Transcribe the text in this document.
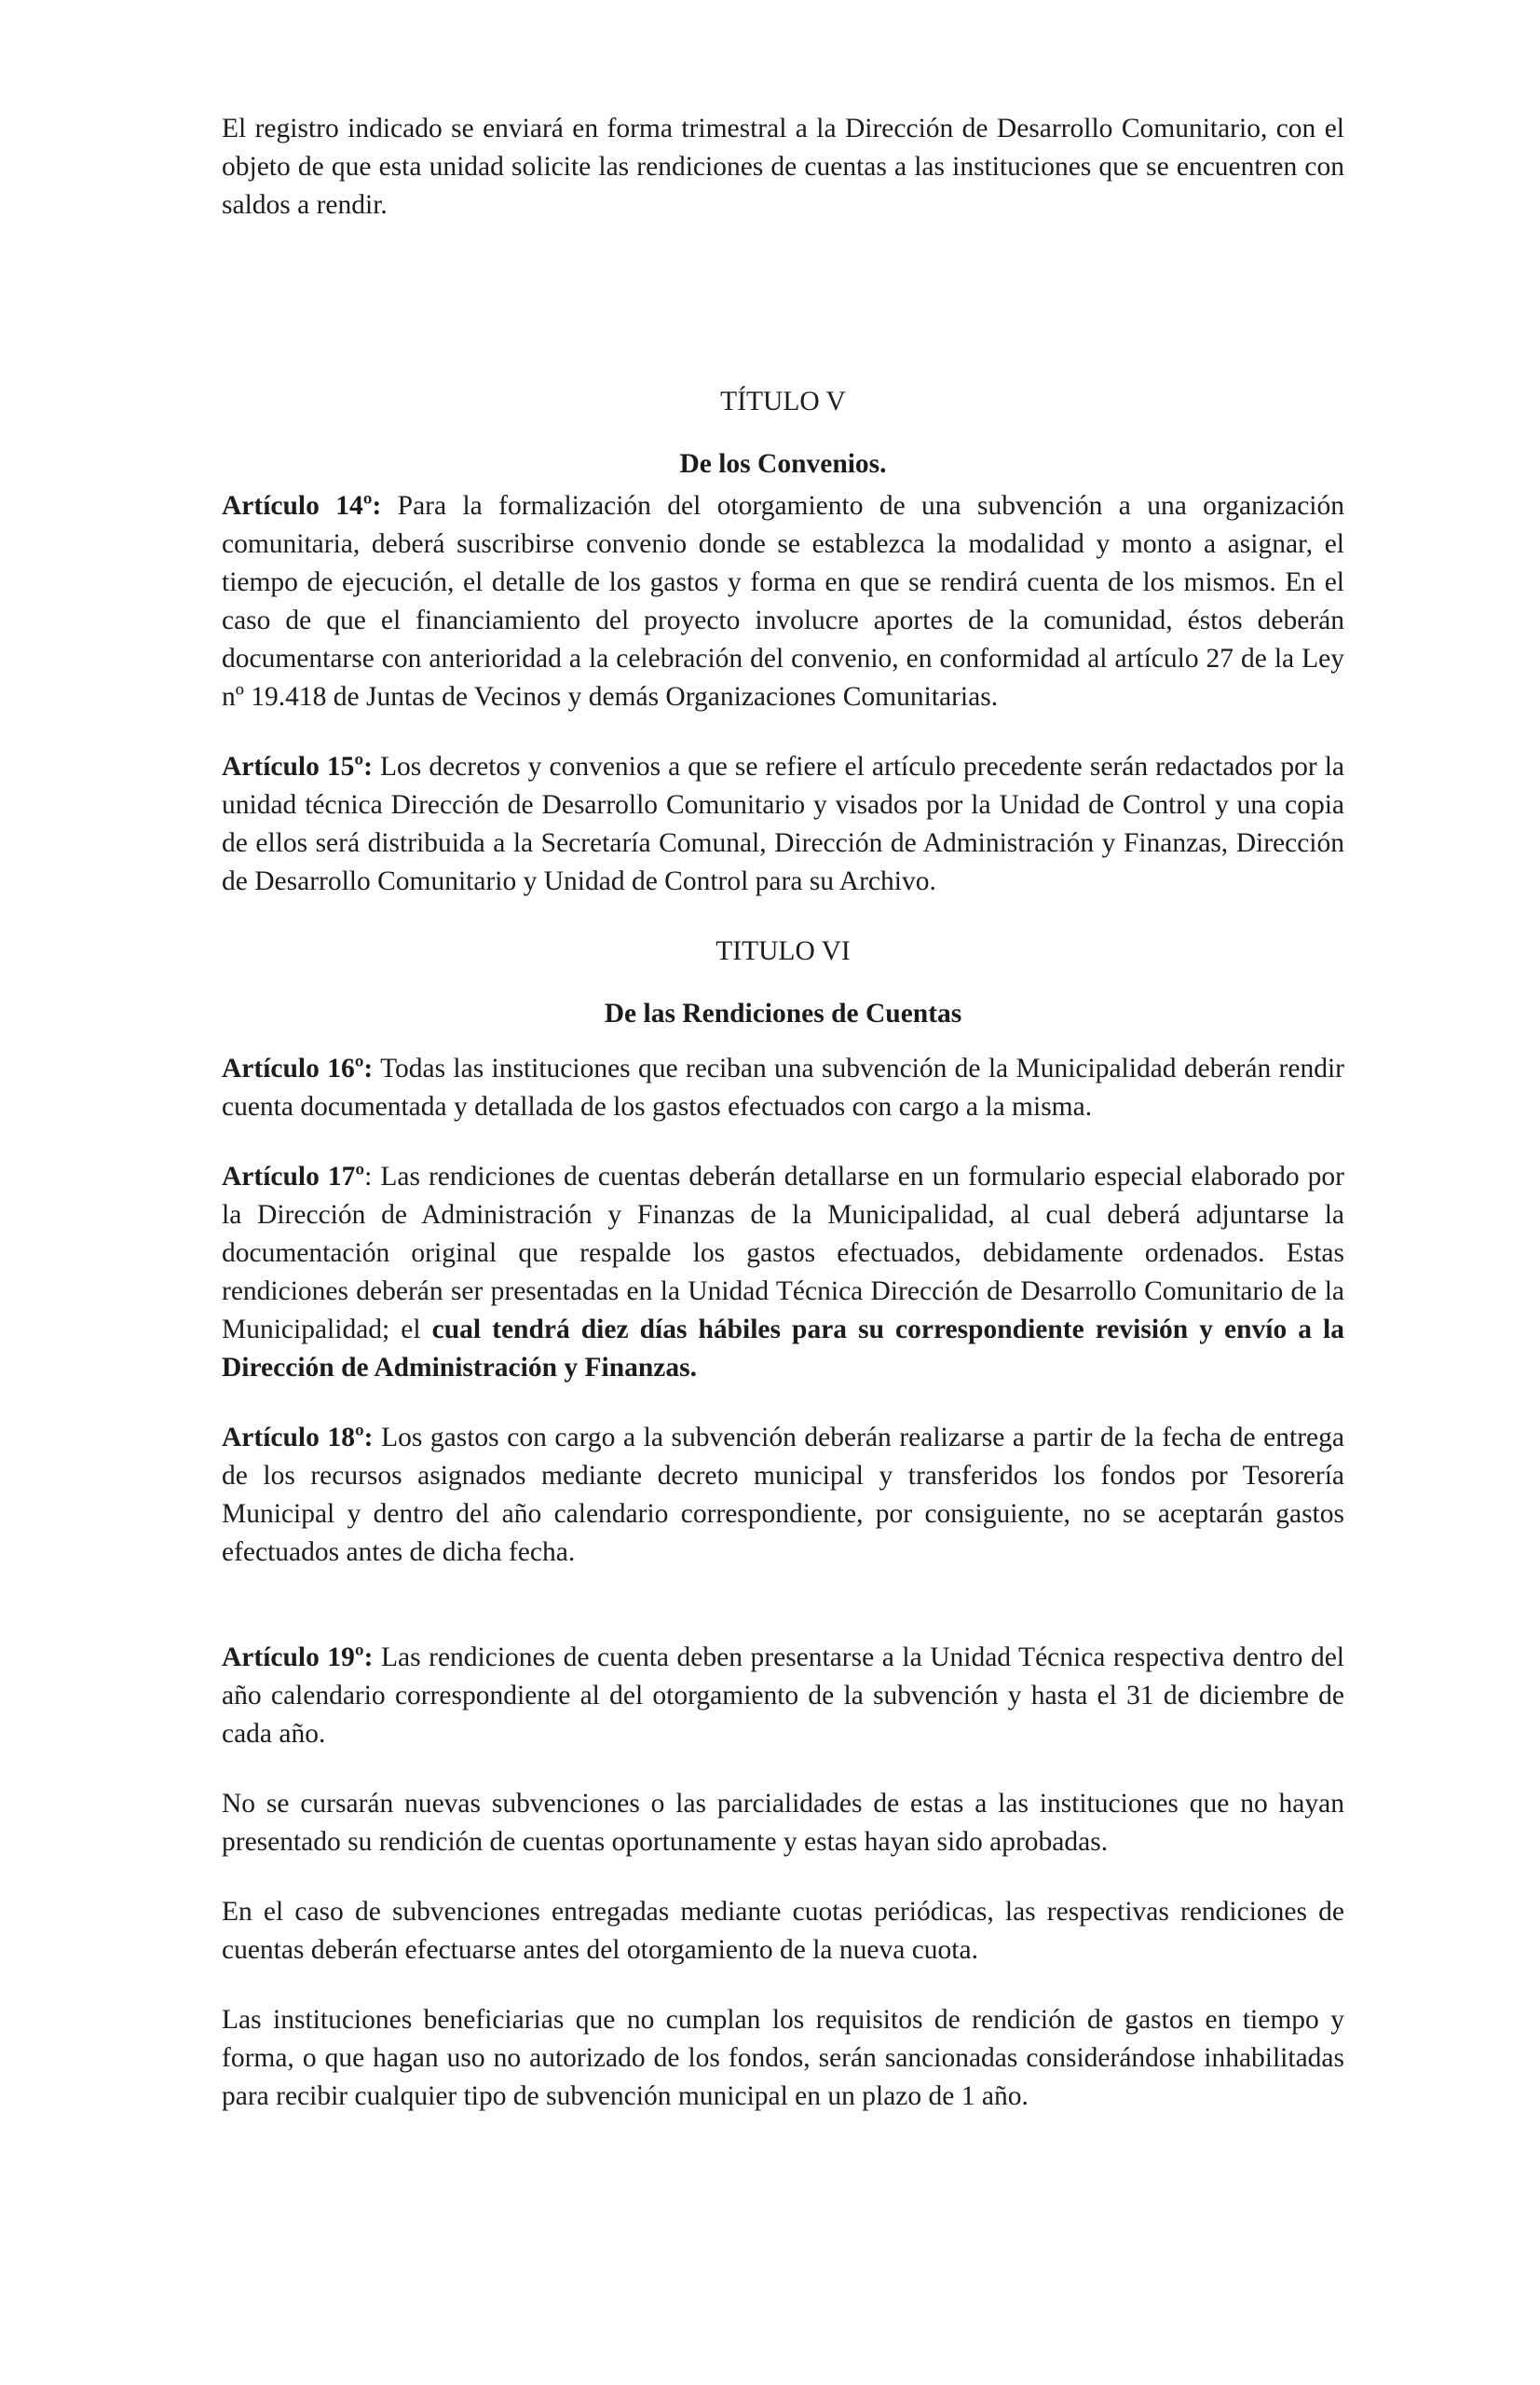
El registro indicado se enviará en forma trimestral a la Dirección de Desarrollo Comunitario, con el objeto de que esta unidad solicite las rendiciones de cuentas a las instituciones que se encuentren con saldos a rendir.

TÍTULO V
De los Convenios.

Artículo 14º: Para la formalización del otorgamiento de una subvención a una organización comunitaria, deberá suscribirse convenio donde se establezca la modalidad y monto a asignar, el tiempo de ejecución, el detalle de los gastos y forma en que se rendirá cuenta de los mismos. En el caso de que el financiamiento del proyecto involucre aportes de la comunidad, éstos deberán documentarse con anterioridad a la celebración del convenio, en conformidad al artículo 27 de la Ley nº 19.418 de Juntas de Vecinos y demás Organizaciones Comunitarias.

Artículo 15º: Los decretos y convenios a que se refiere el artículo precedente serán redactados por la unidad técnica Dirección de Desarrollo Comunitario y visados por la Unidad de Control y una copia de ellos será distribuida a la Secretaría Comunal, Dirección de Administración y Finanzas, Dirección de Desarrollo Comunitario y Unidad de Control para su Archivo.

TITULO VI
De las Rendiciones de Cuentas

Artículo 16º: Todas las instituciones que reciban una subvención de la Municipalidad deberán rendir cuenta documentada y detallada de los gastos efectuados con cargo a la misma.

Artículo 17º: Las rendiciones de cuentas deberán detallarse en un formulario especial elaborado por la Dirección de Administración y Finanzas de la Municipalidad, al cual deberá adjuntarse la documentación original que respalde los gastos efectuados, debidamente ordenados. Estas rendiciones deberán ser presentadas en la Unidad Técnica Dirección de Desarrollo Comunitario de la Municipalidad; el cual tendrá diez días hábiles para su correspondiente revisión y envío a la Dirección de Administración y Finanzas.

Artículo 18º: Los gastos con cargo a la subvención deberán realizarse a partir de la fecha de entrega de los recursos asignados mediante decreto municipal y transferidos los fondos por Tesorería Municipal y dentro del año calendario correspondiente, por consiguiente, no se aceptarán gastos efectuados antes de dicha fecha.

Artículo 19º: Las rendiciones de cuenta deben presentarse a la Unidad Técnica respectiva dentro del año calendario correspondiente al del otorgamiento de la subvención y hasta el 31 de diciembre de cada año.

No se cursarán nuevas subvenciones o las parcialidades de estas a las instituciones que no hayan presentado su rendición de cuentas oportunamente y estas hayan sido aprobadas.

En el caso de subvenciones entregadas mediante cuotas periódicas, las respectivas rendiciones de cuentas deberán efectuarse antes del otorgamiento de la nueva cuota.

Las instituciones beneficiarias que no cumplan los requisitos de rendición de gastos en tiempo y forma, o que hagan uso no autorizado de los fondos, serán sancionadas considerándose inhabilitadas para recibir cualquier tipo de subvención municipal en un plazo de 1 año.
